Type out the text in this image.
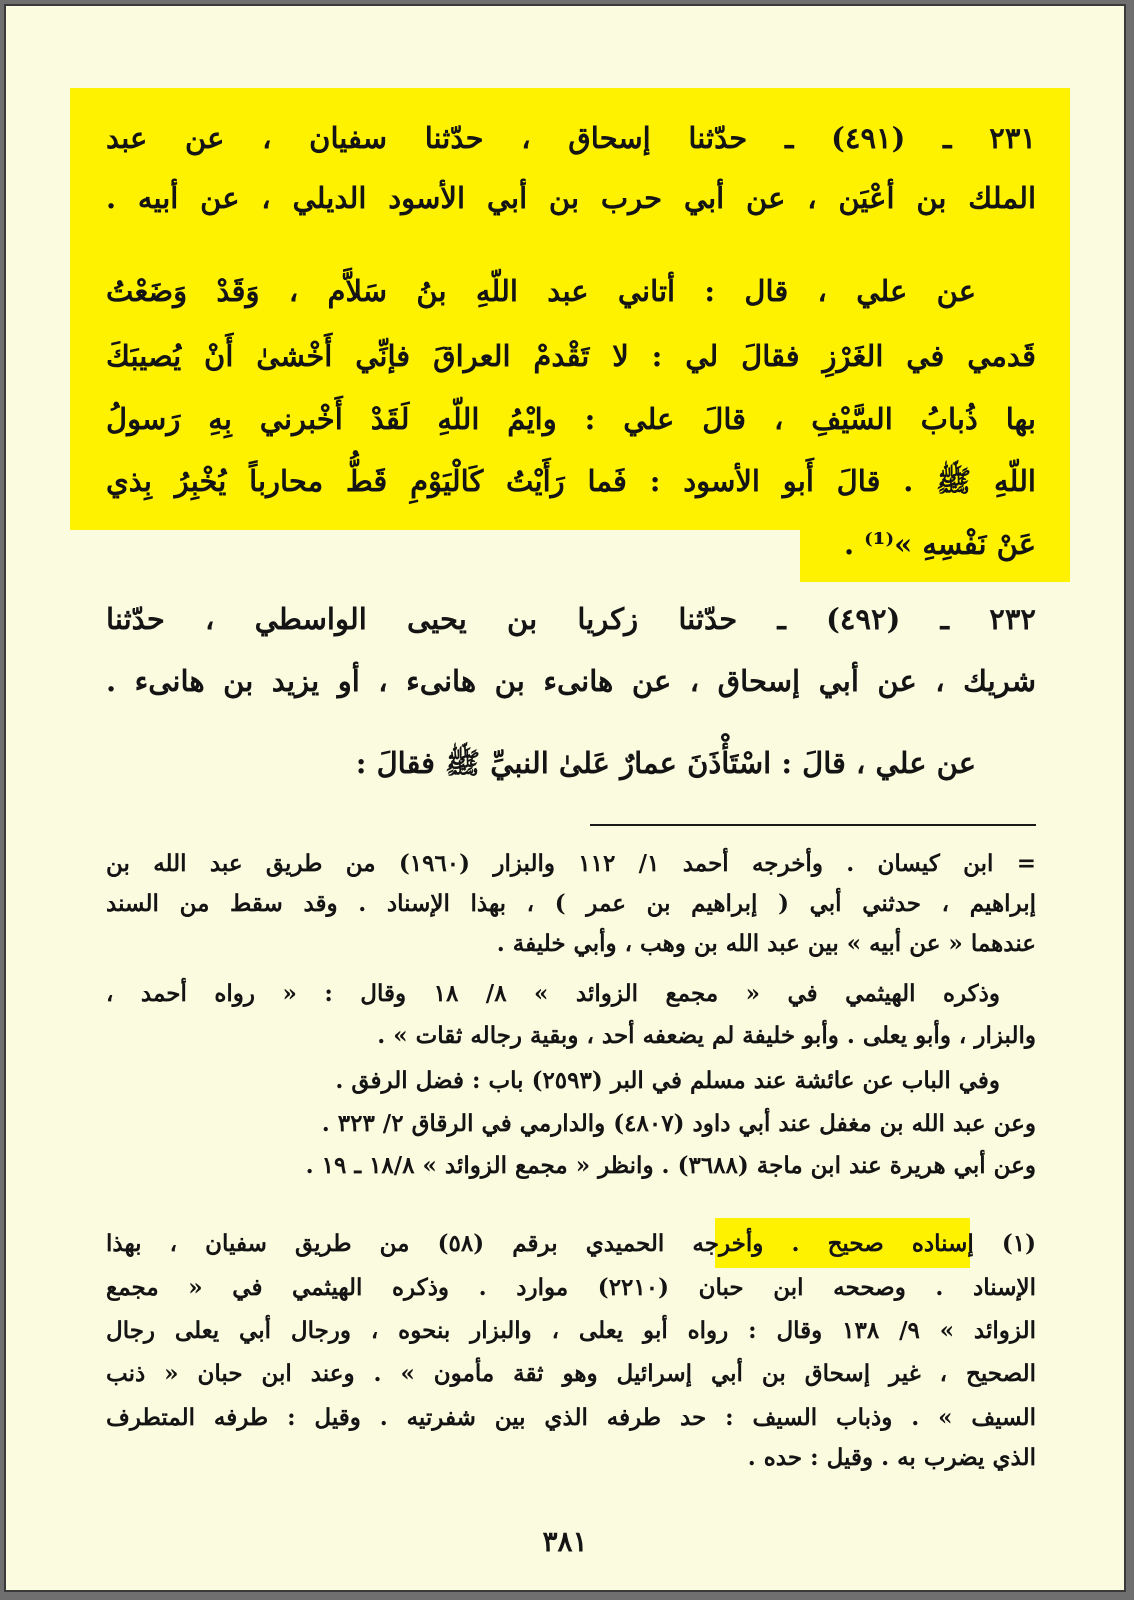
٢٣١ ـ (٤٩١) ـ حدّثنا إسحاق ، حدّثنا سفيان ، عن عبد
الملك بن أعْيَن ، عن أبي حرب بن أبي الأسود الديلي ، عن أبيه .
عن علي ، قال : أتاني عبد اللّهِ بنُ سَلاَّم ، وَقَدْ وَضَعْتُ
قَدمي في الغَرْزِ فقالَ لي : لا تَقْدمْ العراقَ فإنِّي أَخْشىٰ أَنْ يُصيبَكَ
بها ذُبابُ السَّيْفِ ، قالَ علي : وايْمُ اللّهِ لَقَدْ أَخْبرني بِهِ رَسولُ
اللّهِ ﷺ . قالَ أَبو الأسود : فَما رَأَيْتُ كَالْيَوْمِ قَطُّ محارباً يُخْبِرُ بِذي
عَنْ نَفْسِهِ »⁽¹⁾ .
٢٣٢ ـ (٤٩٢) ـ حدّثنا زكريا بن يحيى الواسطي ، حدّثنا
شريك ، عن أبي إسحاق ، عن هانىء بن هانىء ، أو يزيد بن هانىء .
عن علي ، قالَ : اسْتَأْذَنَ عمارٌ عَلىٰ النبيِّ ﷺ فقالَ :
= ابن كيسان . وأخرجه أحمد ١/ ١١٢ والبزار (١٩٦٠) من طريق عبد الله بن
إبراهيم ، حدثني أبي ( إبراهيم بن عمر ) ، بهذا الإسناد . وقد سقط من السند
عندهما « عن أبيه » بين عبد الله بن وهب ، وأبي خليفة .
وذكره الهيثمي في « مجمع الزوائد » ٨/ ١٨ وقال : « رواه أحمد ،
والبزار ، وأبو يعلى . وأبو خليفة لم يضعفه أحد ، وبقية رجاله ثقات » .
وفي الباب عن عائشة عند مسلم في البر (٢٥٩٣) باب : فضل الرفق .
وعن عبد الله بن مغفل عند أبي داود (٤٨٠٧) والدارمي في الرقاق ٢/ ٣٢٣ .
وعن أبي هريرة عند ابن ماجة (٣٦٨٨) . وانظر « مجمع الزوائد » ١٨/٨ ـ ١٩ .
(١) إسناده صحيح . وأخرجه الحميدي برقم (٥٨) من طريق سفيان ، بهذا
الإسناد . وصححه ابن حبان (٢٢١٠) موارد . وذكره الهيثمي في « مجمع
الزوائد » ٩/ ١٣٨ وقال : رواه أبو يعلى ، والبزار بنحوه ، ورجال أبي يعلى رجال
الصحيح ، غير إسحاق بن أبي إسرائيل وهو ثقة مأمون » . وعند ابن حبان « ذنب
السيف » . وذباب السيف : حد طرفه الذي بين شفرتيه . وقيل : طرفه المتطرف
الذي يضرب به . وقيل : حده .
٣٨١
